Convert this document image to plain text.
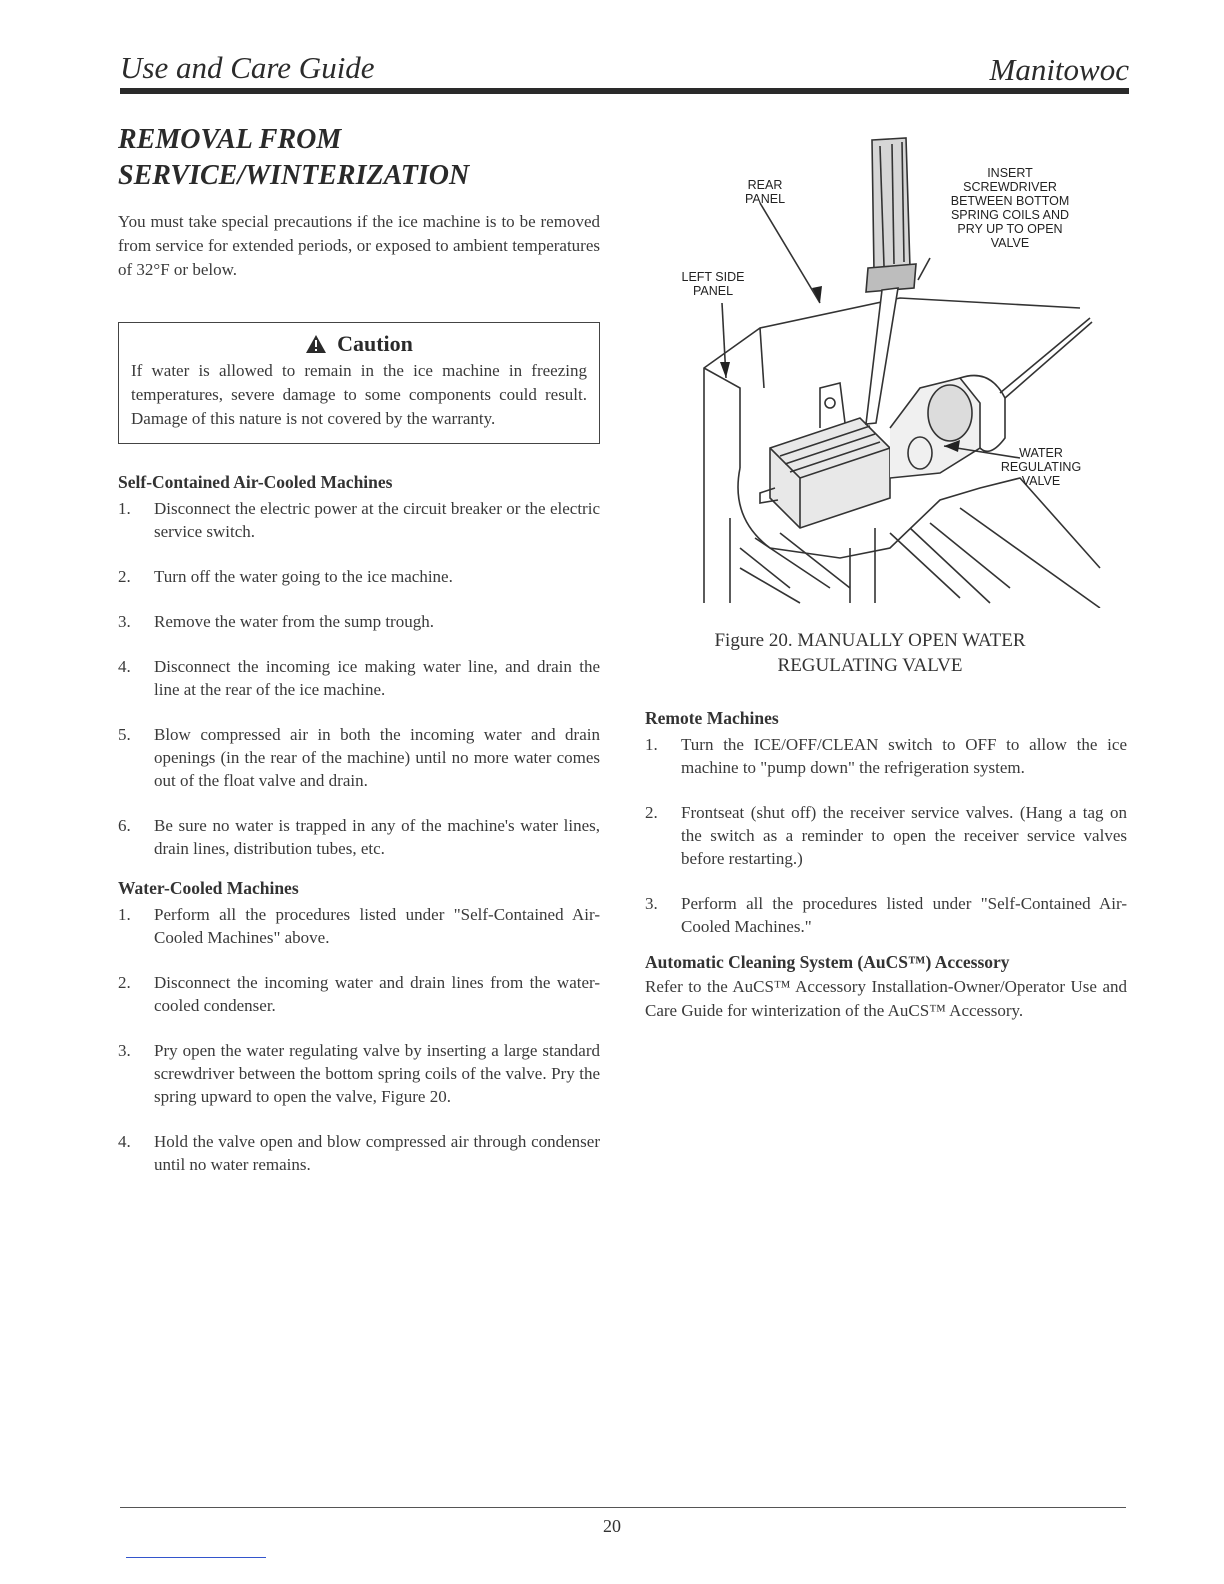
Use and Care Guide	Manitowoc
REMOVAL FROM
SERVICE/WINTERIZATION

You must take special precautions if the ice machine is to be removed from service for extended periods, or exposed to ambient temperatures of 32°F or below.

Caution
If water is allowed to remain in the ice machine in freezing temperatures, severe damage to some components could result. Damage of this nature is not covered by the warranty.
Self-Contained Air-Cooled Machines
1.	Disconnect the electric power at the circuit breaker or the electric service switch.
2.	Turn off the water going to the ice machine.
3.	Remove the water from the sump trough.
4.	Disconnect the incoming ice making water line, and drain the line at the rear of the ice machine.
5.	Blow compressed air in both the incoming water and drain openings (in the rear of the machine) until no more water comes out of the float valve and drain.
6.	Be sure no water is trapped in any of the machine's water lines, drain lines, distribution tubes, etc.
Water-Cooled Machines
1.	Perform all the procedures listed under "Self-Contained Air-Cooled Machines" above.
2.	Disconnect the incoming water and drain lines from the water-cooled condenser.
3.	Pry open the water regulating valve by inserting a large standard screwdriver between the bottom spring coils of the valve. Pry the spring upward to open the valve, Figure 20.
4.	Hold the valve open and blow compressed air through condenser until no water remains.
INSERT SCREWDRIVER BETWEEN BOTTOM SPRING COILS AND PRY UP TO OPEN VALVE
REAR PANEL
LEFT SIDE PANEL
WATER REGULATING VALVE
Figure 20. MANUALLY OPEN WATER
REGULATING VALVE
Remote Machines
1.	Turn the ICE/OFF/CLEAN switch to OFF to allow the ice machine to "pump down" the refrigeration system.
2.	Frontseat (shut off) the receiver service valves. (Hang a tag on the switch as a reminder to open the receiver service valves before restarting.)
3.	Perform all the procedures listed under "Self-Contained Air-Cooled Machines."
Automatic Cleaning System (AuCS™) Accessory

Refer to the AuCS™ Accessory Installation-Owner/Operator Use and Care Guide for winterization of the AuCS™ Accessory.

20
